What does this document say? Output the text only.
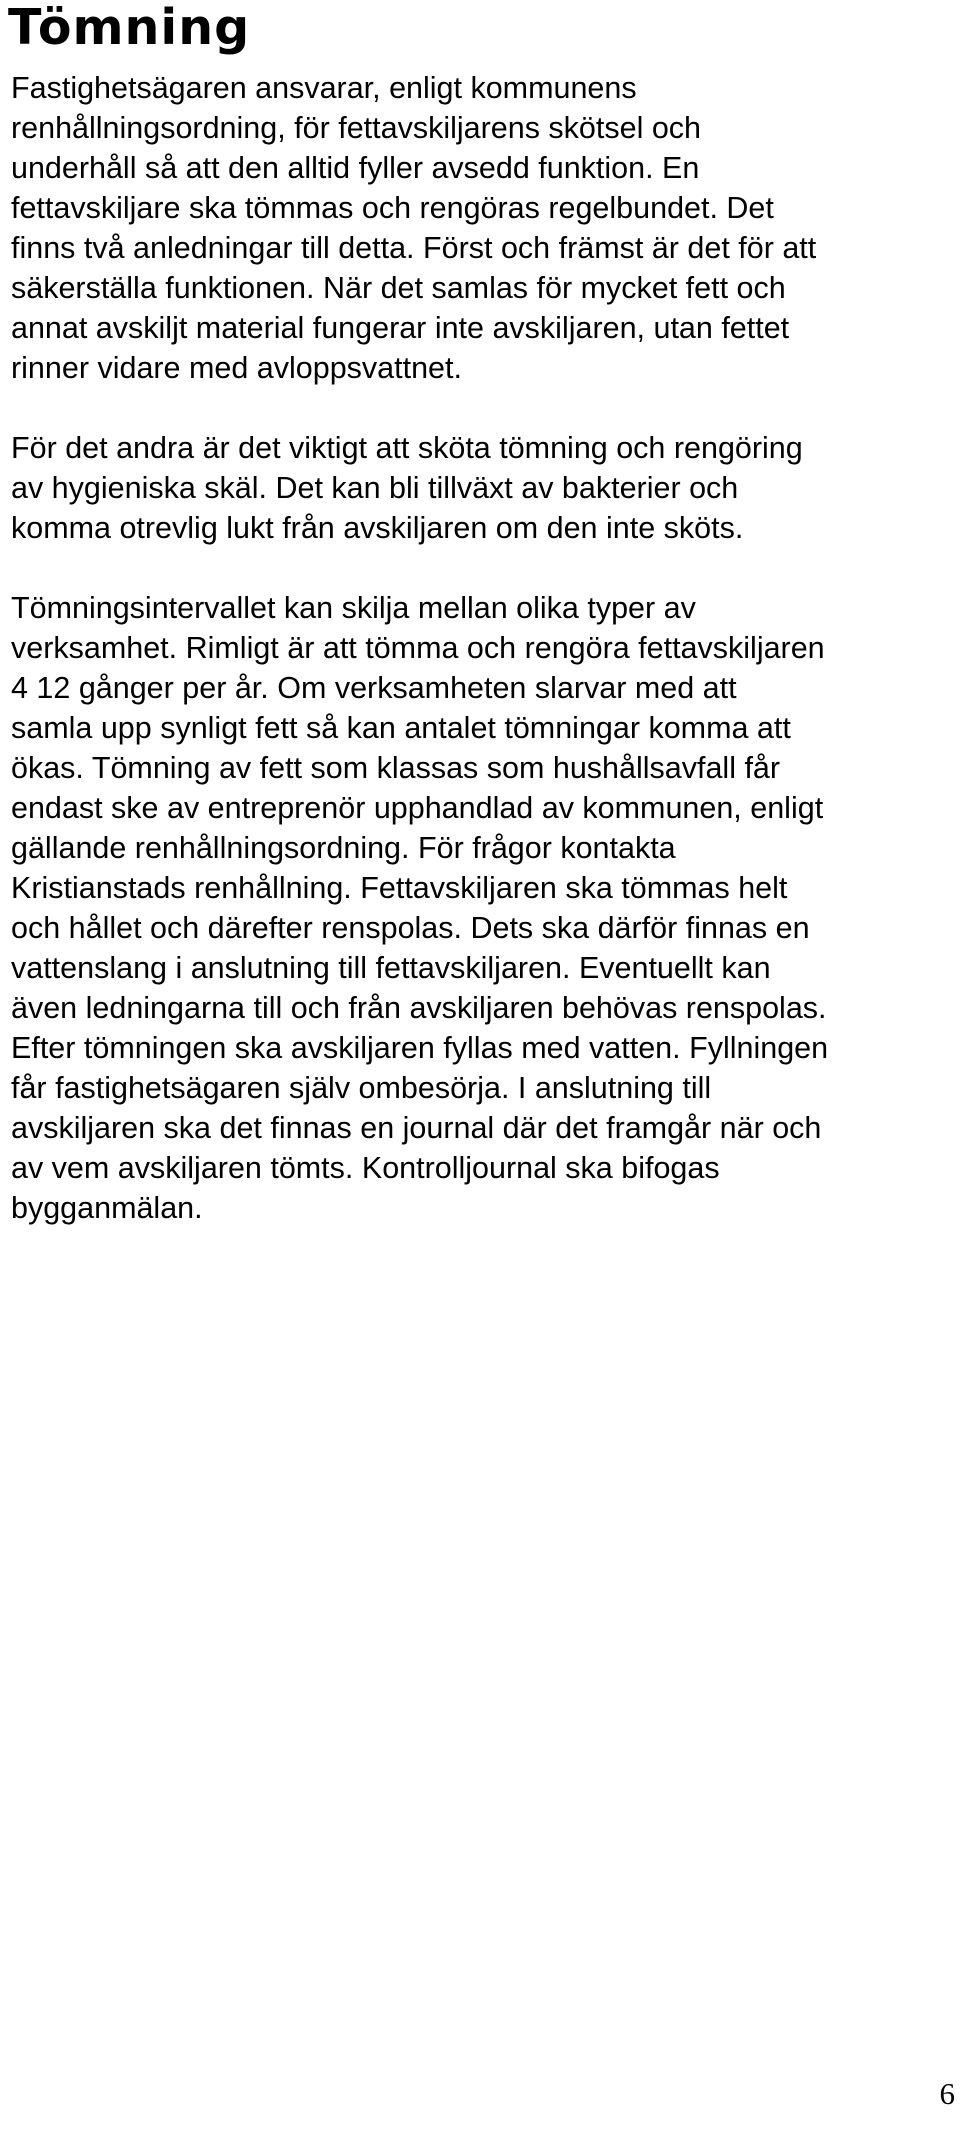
Tömning
Fastighetsägaren ansvarar, enligt kommunens
renhållningsordning, för fettavskiljarens skötsel och
underhåll så att den alltid fyller avsedd funktion. En
fettavskiljare ska tömmas och rengöras regelbundet. Det
finns två anledningar till detta. Först och främst är det för att
säkerställa funktionen. När det samlas för mycket fett och
annat avskiljt material fungerar inte avskiljaren, utan fettet
rinner vidare med avloppsvattnet.
För det andra är det viktigt att sköta tömning och rengöring
av hygieniska skäl. Det kan bli tillväxt av bakterier och
komma otrevlig lukt från avskiljaren om den inte sköts.
Tömningsintervallet kan skilja mellan olika typer av
verksamhet. Rimligt är att tömma och rengöra fettavskiljaren
4 12 gånger per år. Om verksamheten slarvar med att
samla upp synligt fett så kan antalet tömningar komma att
ökas. Tömning av fett som klassas som hushållsavfall får
endast ske av entreprenör upphandlad av kommunen, enligt
gällande renhållningsordning. För frågor kontakta
Kristianstads renhållning. Fettavskiljaren ska tömmas helt
och hållet och därefter renspolas. Dets ska därför finnas en
vattenslang i anslutning till fettavskiljaren. Eventuellt kan
även ledningarna till och från avskiljaren behövas renspolas.
Efter tömningen ska avskiljaren fyllas med vatten. Fyllningen
får fastighetsägaren själv ombesörja. I anslutning till
avskiljaren ska det finnas en journal där det framgår när och
av vem avskiljaren tömts. Kontrolljournal ska bifogas
bygganmälan.
6
